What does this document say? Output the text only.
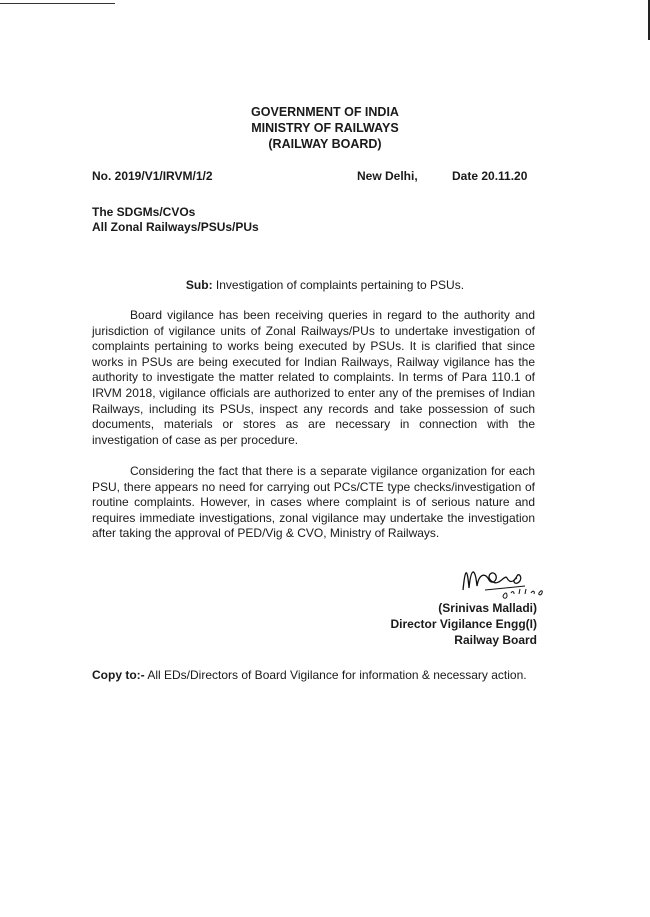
GOVERNMENT OF INDIA
MINISTRY OF RAILWAYS
(RAILWAY BOARD)
No. 2019/V1/IRVM/1/2	New Delhi,	Date 20.11.20
The SDGMs/CVOs
All Zonal Railways/PSUs/PUs
Sub: Investigation of complaints pertaining to PSUs.

Board vigilance has been receiving queries in regard to the authority and jurisdiction of vigilance units of Zonal Railways/PUs to undertake investigation of complaints pertaining to works being executed by PSUs. It is clarified that since works in PSUs are being executed for Indian Railways, Railway vigilance has the authority to investigate the matter related to complaints. In terms of Para 110.1 of IRVM 2018, vigilance officials are authorized to enter any of the premises of Indian Railways, including its PSUs, inspect any records and take possession of such documents, materials or stores as are necessary in connection with the investigation of case as per procedure.

Considering the fact that there is a separate vigilance organization for each PSU, there appears no need for carrying out PCs/CTE type checks/investigation of routine complaints. However, in cases where complaint is of serious nature and requires immediate investigations, zonal vigilance may undertake the investigation after taking the approval of PED/Vig & CVO, Ministry of Railways.

(Srinivas Malladi)
Director Vigilance Engg(I)
Railway Board
Copy to:- All EDs/Directors of Board Vigilance for information & necessary action.
